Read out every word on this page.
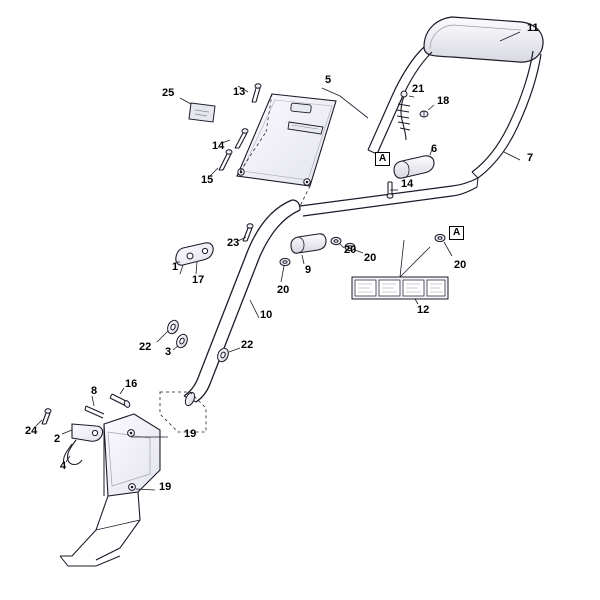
11
25	13
5
21
18
14	6
7
15	14
23
20
1	9
20
20
17
20
10	12
22 3
22
8
16
24
2	19
4
19
A
A
